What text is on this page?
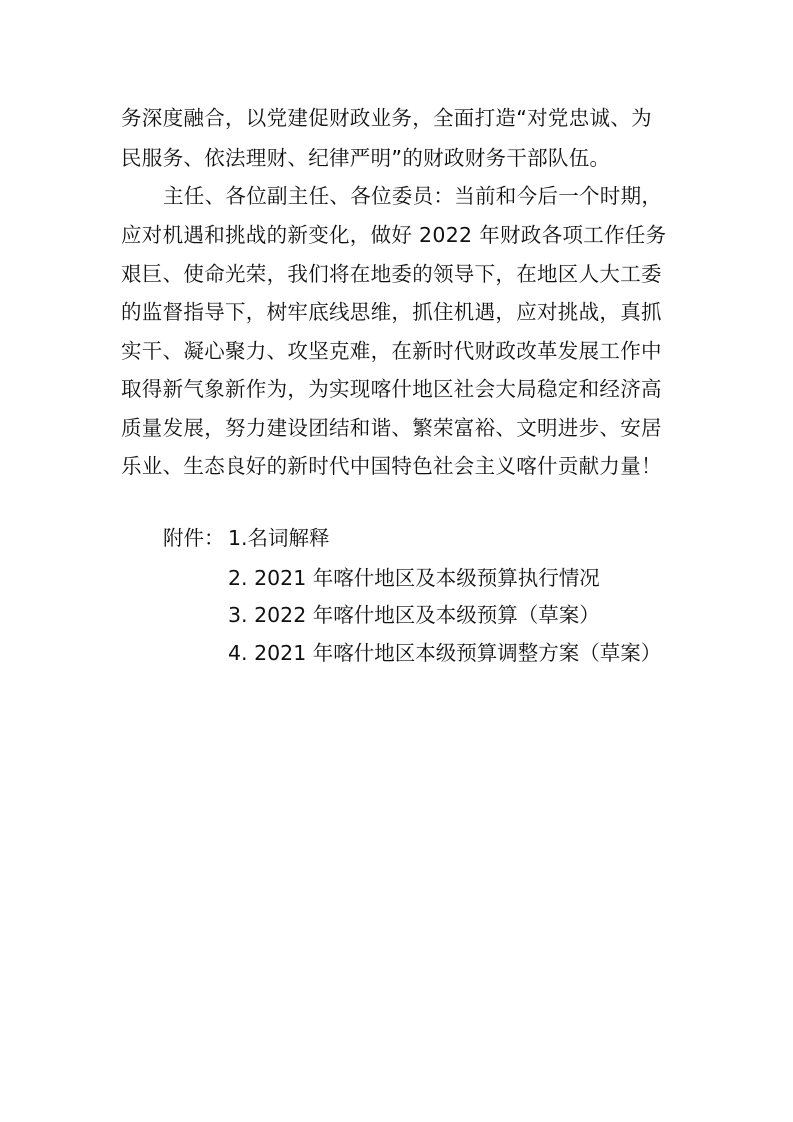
务深度融合，以党建促财政业务，全面打造“对党忠诚、为
民服务、依法理财、纪律严明”的财政财务干部队伍。
主任、各位副主任、各位委员：当前和今后一个时期，
应对机遇和挑战的新变化，做好 2022 年财政各项工作任务
艰巨、使命光荣，我们将在地委的领导下，在地区人大工委
的监督指导下，树牢底线思维，抓住机遇，应对挑战，真抓
实干、凝心聚力、攻坚克难，在新时代财政改革发展工作中
取得新气象新作为，为实现喀什地区社会大局稳定和经济高
质量发展，努力建设团结和谐、繁荣富裕、文明进步、安居
乐业、生态良好的新时代中国特色社会主义喀什贡献力量！
附件： 1.名词解释
2. 2021 年喀什地区及本级预算执行情况
3. 2022 年喀什地区及本级预算（草案）
4. 2021 年喀什地区本级预算调整方案（草案）
